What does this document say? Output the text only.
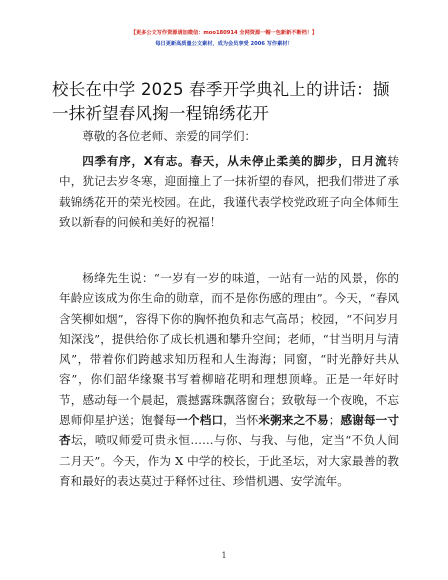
【更多公文写作资源请加微信：moo180914 全网资源一帽一包新新不断档！】
每日更新高质量公文素材，成为会员享受 2006 写作素材！
校长在中学 2025 春季开学典礼上的讲话：撷一抹祈望春风掬一程锦绣花开

尊敬的各位老师、亲爱的同学们：

四季有序，X有志。春天，从未停止柔美的脚步，日月流转中，犹记去岁冬寒，迎面撞上了一抹祈望的春风，把我们带进了承载锦绣花开的荣光校园。在此，我谨代表学校党政班子向全体师生致以新春的问候和美好的祝福！

杨绛先生说：“一岁有一岁的味道，一站有一站的风景，你的年龄应该成为你生命的勋章，而不是你伤感的理由”。今天，“春风含笑柳如烟”，容得下你的胸怀抱负和志气高昂；校园，“不问岁月知深浅”，提供给你了成长机遇和攀升空间；老师，“甘当明月与清风”，带着你们跨越求知历程和人生海海；同窗，“时光静好共从容”，你们韶华缘聚书写着柳暗花明和理想顶峰。正是一年好时节，感动每一个晨起，震撼露珠飘落窗台；致敬每一个夜晚，不忘恩师仰星护送；饱餐每一个档口，当怀米粥来之不易；感谢每一寸杏坛，喷叹师爱可贵永恒……与你、与我、与他，定当“不负人间二月天”。今天，作为 X 中学的校长，于此圣坛，对大家最善的教育和最好的表达莫过于释怀过往、珍惜机遇、安学流年。

1
